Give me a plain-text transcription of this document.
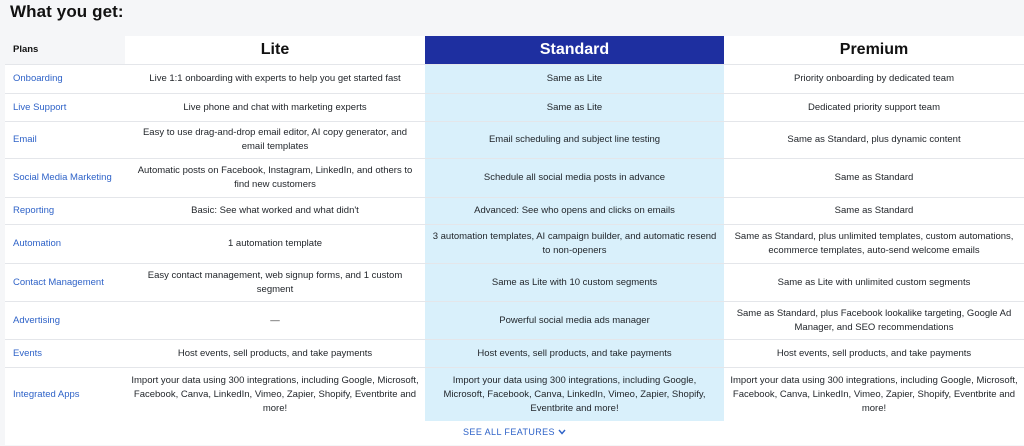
What you get:
Plans	Lite	Standard	Premium
Onboarding	Live 1:1 onboarding with experts to help you get started fast	Same as Lite	Priority onboarding by dedicated team
Live Support	Live phone and chat with marketing experts	Same as Lite	Dedicated priority support team
Email	Easy to use drag-and-drop email editor, AI copy generator, and email templates	Email scheduling and subject line testing	Same as Standard, plus dynamic content
Social Media Marketing	Automatic posts on Facebook, Instagram, LinkedIn, and others to find new customers	Schedule all social media posts in advance	Same as Standard
Reporting	Basic: See what worked and what didn't	Advanced: See who opens and clicks on emails	Same as Standard
Automation	1 automation template	3 automation templates, AI campaign builder, and automatic resend to non-openers	Same as Standard, plus unlimited templates, custom automations, ecommerce templates, auto-send welcome emails
Contact Management	Easy contact management, web signup forms, and 1 custom segment	Same as Lite with 10 custom segments	Same as Lite with unlimited custom segments
Advertising	—	Powerful social media ads manager	Same as Standard, plus Facebook lookalike targeting, Google Ad Manager, and SEO recommendations
Events	Host events, sell products, and take payments	Host events, sell products, and take payments	Host events, sell products, and take payments
Integrated Apps	Import your data using 300 integrations, including Google, Microsoft, Facebook, Canva, LinkedIn, Vimeo, Zapier, Shopify, Eventbrite and more!	Import your data using 300 integrations, including Google, Microsoft, Facebook, Canva, LinkedIn, Vimeo, Zapier, Shopify, Eventbrite and more!	Import your data using 300 integrations, including Google, Microsoft, Facebook, Canva, LinkedIn, Vimeo, Zapier, Shopify, Eventbrite and more!
SEE ALL FEATURES
